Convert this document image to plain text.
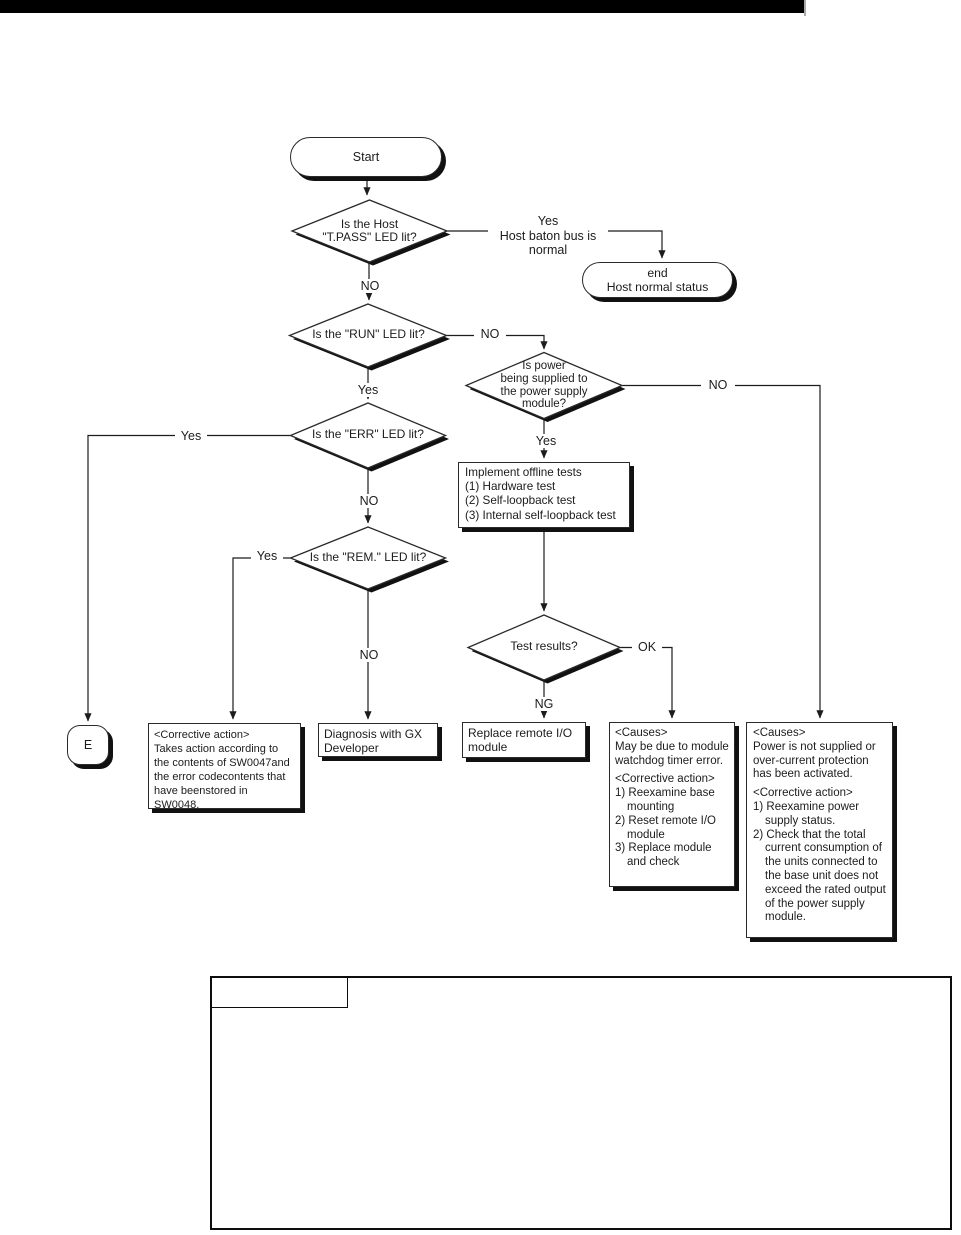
Start
end
Host normal status
E
Is the Host
"T.PASS" LED lit?
Is the "RUN" LED lit?
Is power
being supplied to
the power supply
module?
Is the "ERR" LED lit?
Is the "REM." LED lit?
Test results?
Yes
Host baton bus is
normal
NO
NO
Yes	NO
Yes
Yes
NO
Yes
NO
OK
NG
Implement offline tests
(1) Hardware test
(2) Self-loopback test
(3) Internal self-loopback test
<Corrective action>
Takes action according to the contents of SW0047and the error codecontents that have beenstored in SW0048.
Diagnosis with GX Developer
Replace remote I/O module
<Causes>
May be due to module watchdog timer error.
<Corrective action>
1) Reexamine base mounting
2) Reset remote I/O module
3) Replace module and check
<Causes>
Power is not supplied or over-current protection has been activated.
<Corrective action>
1) Reexamine power supply status.
2) Check that the total current consumption of the units connected to the base unit does not exceed the rated output of the power supply module.
